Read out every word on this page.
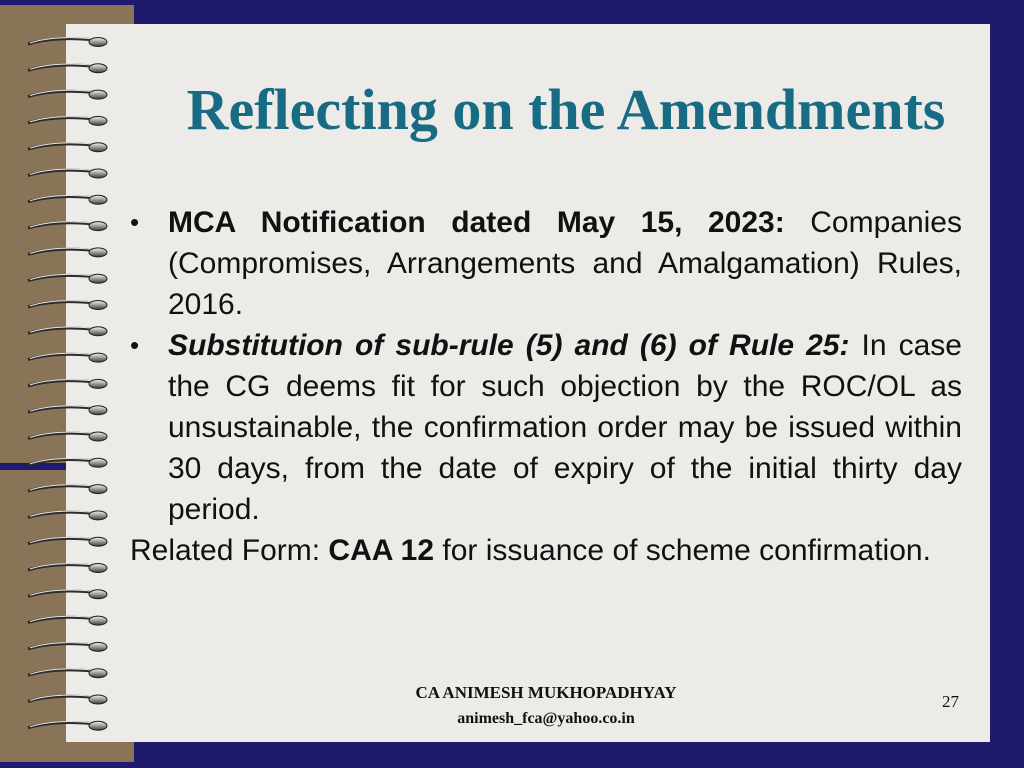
Reflecting on the Amendments
• MCA Notification dated May 15, 2023: Companies (Compromises, Arrangements and Amalgamation) Rules, 2016.
• Substitution of sub-rule (5) and (6) of Rule 25: In case the CG deems fit for such objection by the ROC/OL as unsustainable, the confirmation order may be issued within 30 days, from the date of expiry of the initial thirty day period.

Related Form: CAA 12 for issuance of scheme confirmation.

CA ANIMESH MUKHOPADHYAY
animesh_fca@yahoo.co.in
27
